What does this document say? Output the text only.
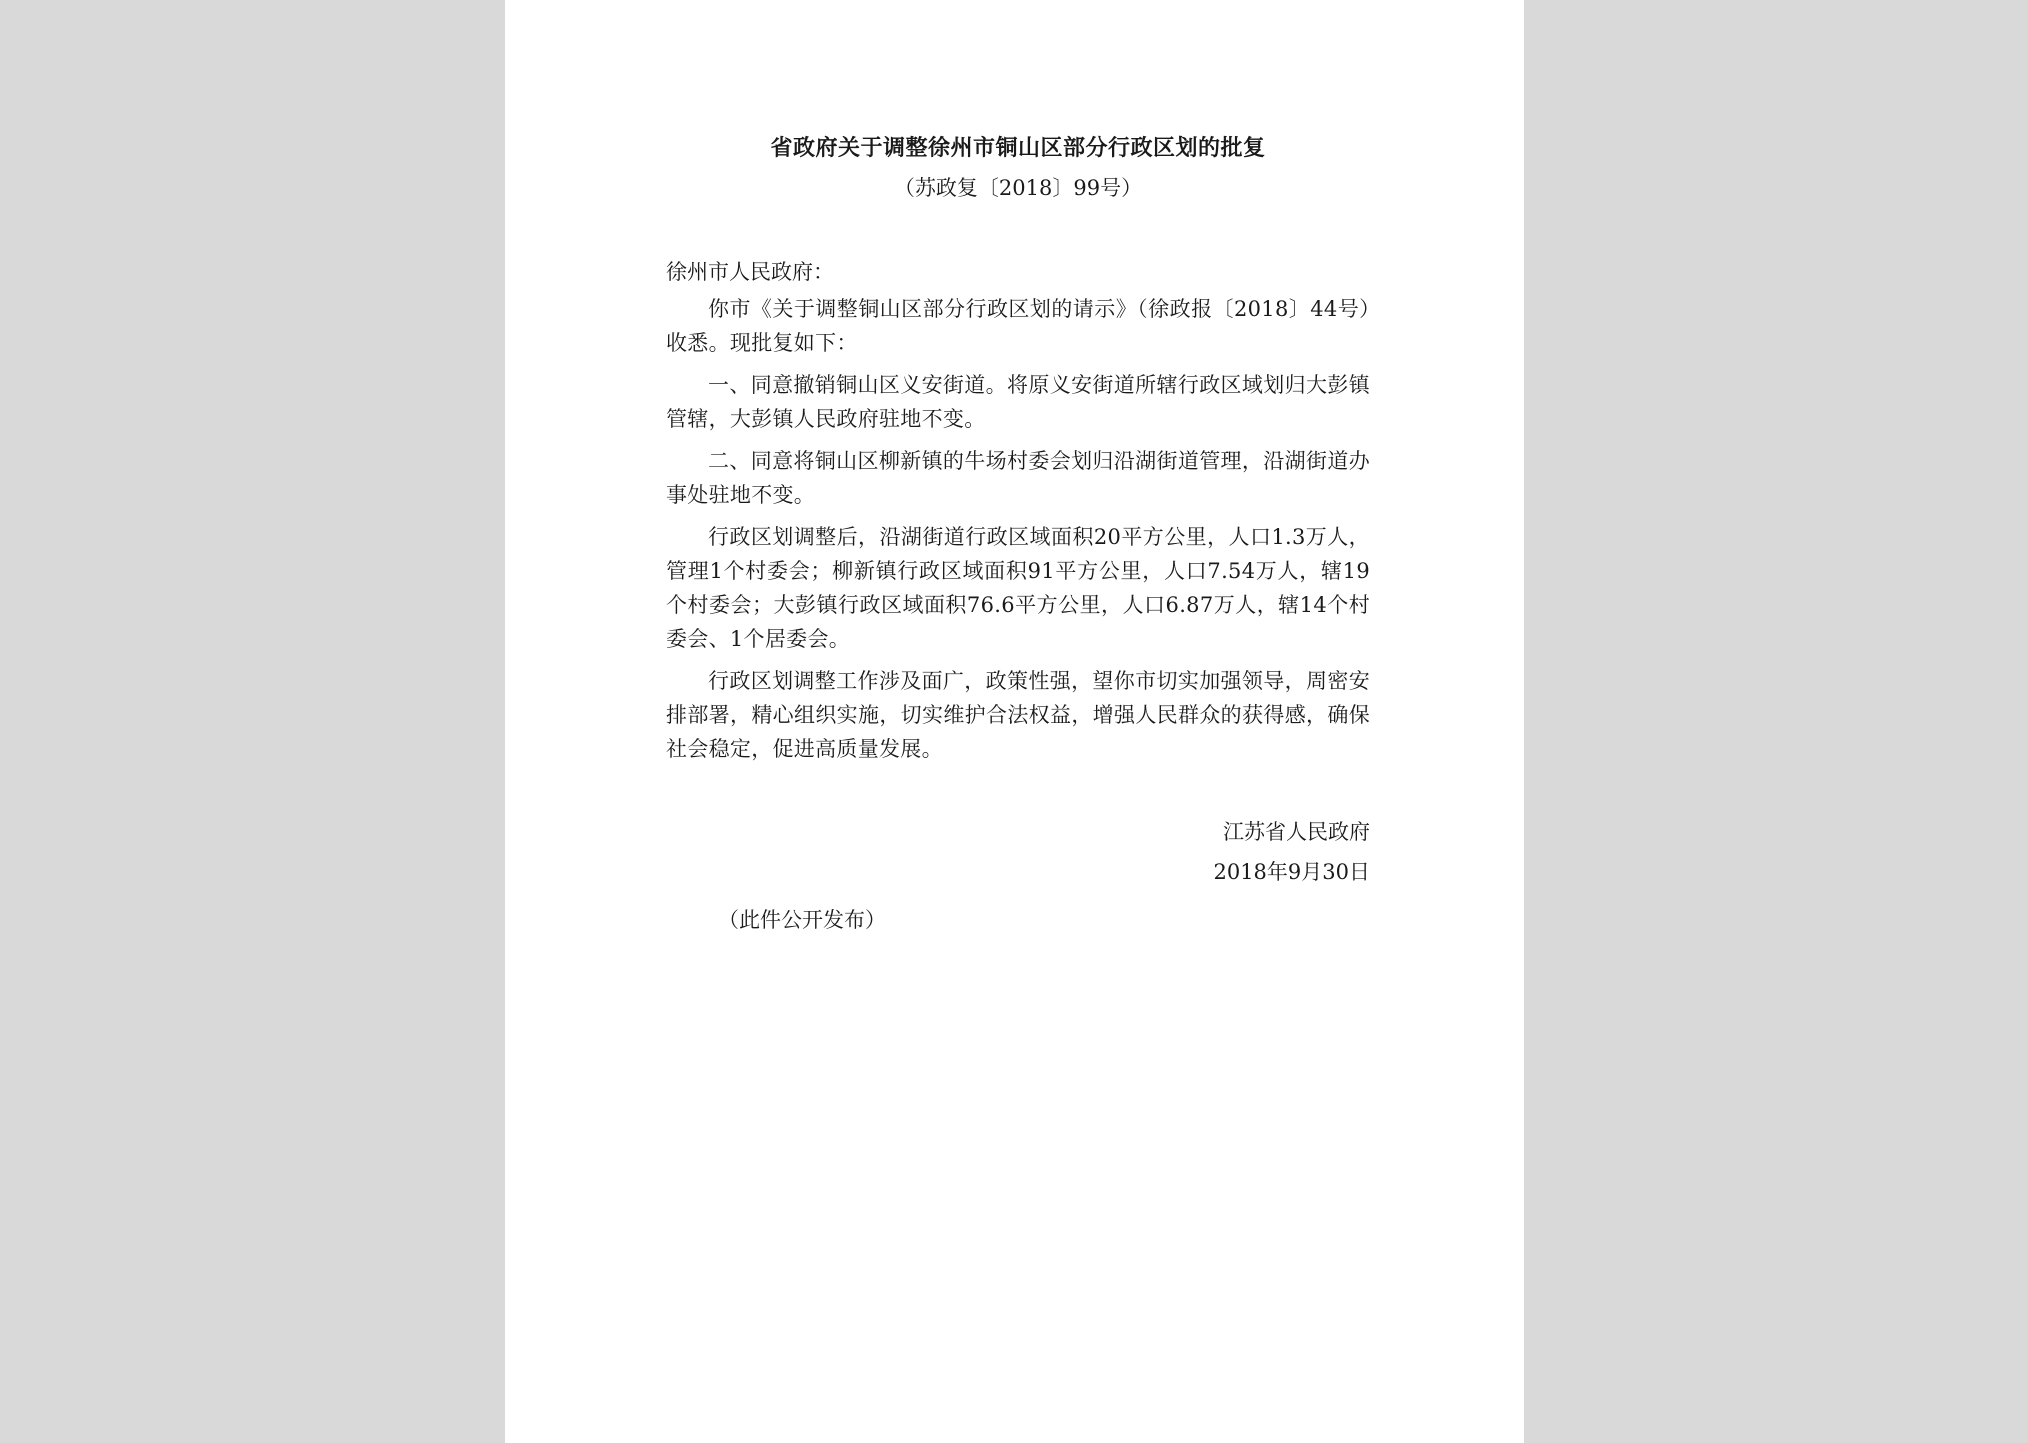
省政府关于调整徐州市铜山区部分行政区划的批复

（苏政复〔2018〕99号）

徐州市人民政府：

你市《关于调整铜山区部分行政区划的请示》（徐政报〔2018〕44号）收悉。现批复如下：

一、同意撤销铜山区义安街道。将原义安街道所辖行政区域划归大彭镇管辖，大彭镇人民政府驻地不变。

二、同意将铜山区柳新镇的牛场村委会划归沿湖街道管理，沿湖街道办事处驻地不变。

行政区划调整后，沿湖街道行政区域面积20平方公里，人口1.3万人，管理1个村委会；柳新镇行政区域面积91平方公里，人口7.54万人，辖19个村委会；大彭镇行政区域面积76.6平方公里，人口6.87万人，辖14个村委会、1个居委会。

行政区划调整工作涉及面广，政策性强，望你市切实加强领导，周密安排部署，精心组织实施，切实维护合法权益，增强人民群众的获得感，确保社会稳定，促进高质量发展。

江苏省人民政府

2018年9月30日

（此件公开发布）
